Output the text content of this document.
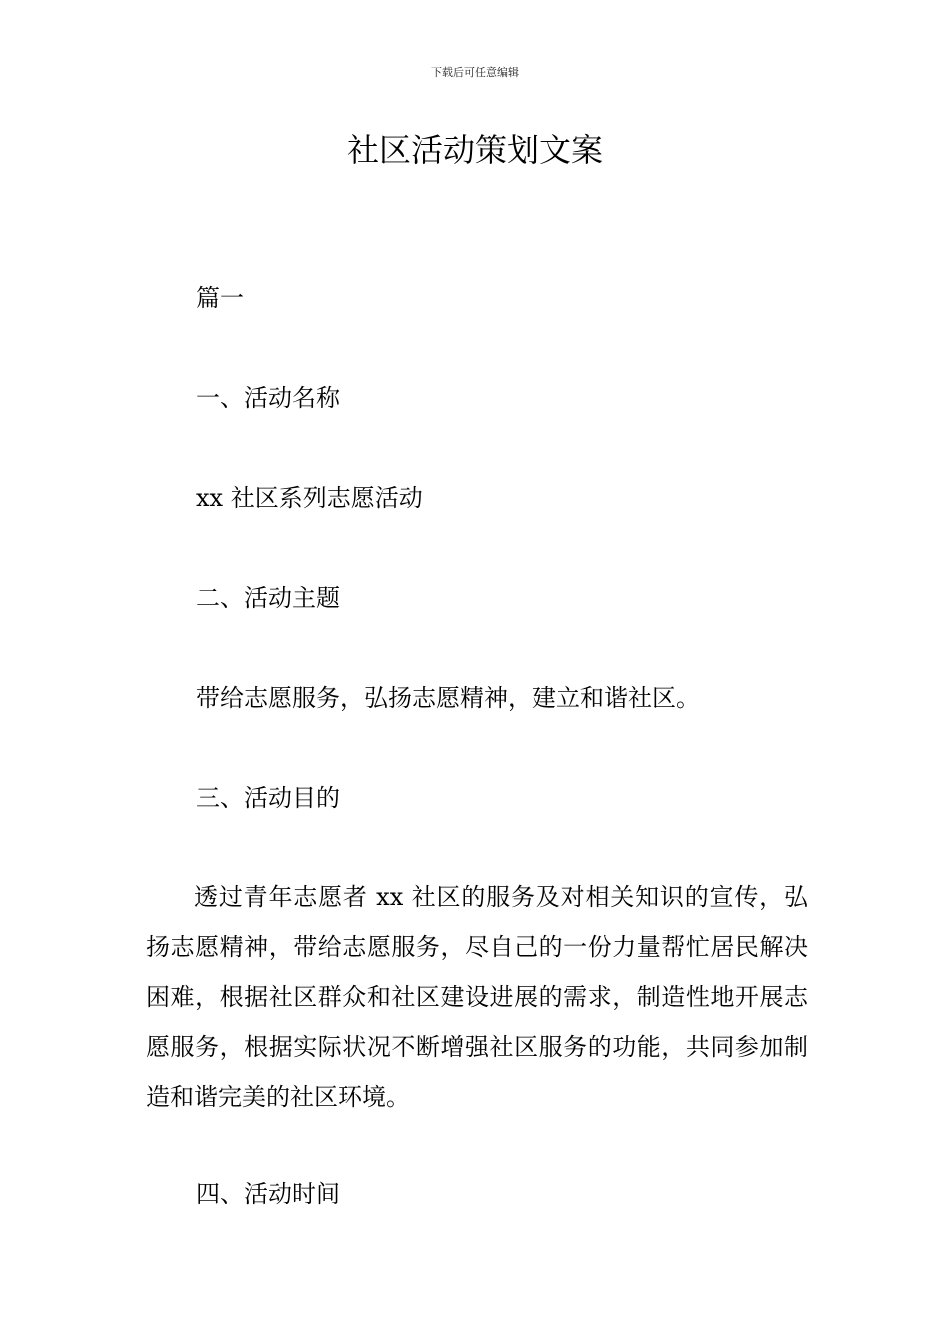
下载后可任意编辑
社区活动策划文案
篇一
一、活动名称
xx 社区系列志愿活动
二、活动主题
带给志愿服务，弘扬志愿精神，建立和谐社区。
三、活动目的

透过青年志愿者 xx 社区的服务及对相关知识的宣传，弘扬志愿精神，带给志愿服务，尽自己的一份力量帮忙居民解决困难，根据社区群众和社区建设进展的需求，制造性地开展志愿服务，根据实际状况不断增强社区服务的功能，共同参加制造和谐完美的社区环境。

四、活动时间
